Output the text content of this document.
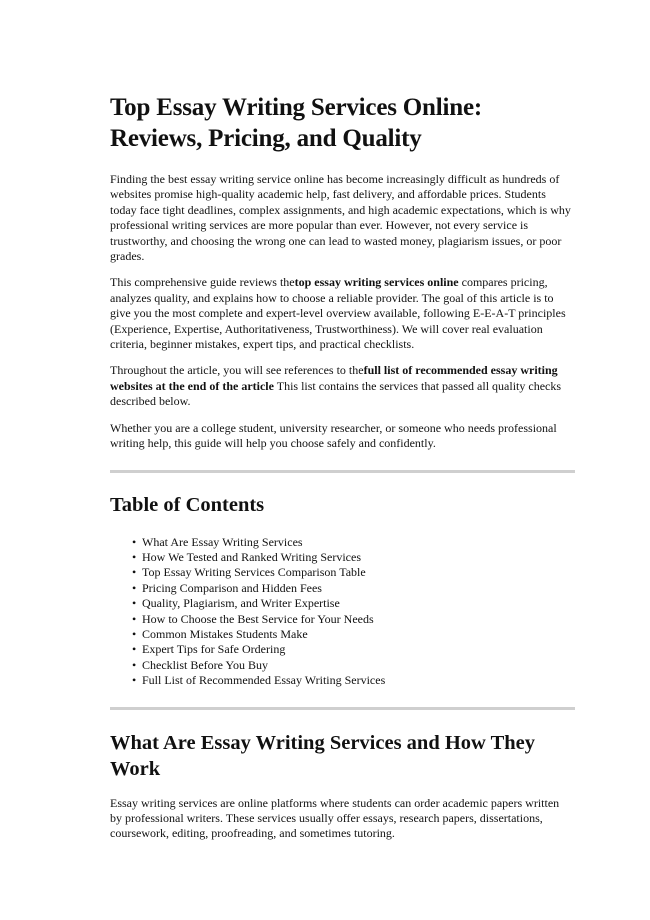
Top Essay Writing Services Online:
Reviews, Pricing, and Quality

Finding the best essay writing service online has become increasingly difficult as hundreds of websites promise high-quality academic help, fast delivery, and affordable prices. Students today face tight deadlines, complex assignments, and high academic expectations, which is why professional writing services are more popular than ever. However, not every service is trustworthy, and choosing the wrong one can lead to wasted money, plagiarism issues, or poor grades.

This comprehensive guide reviews thetop essay writing services online compares pricing, analyzes quality, and explains how to choose a reliable provider. The goal of this article is to give you the most complete and expert-level overview available, following E-E-A-T principles (Experience, Expertise, Authoritativeness, Trustworthiness). We will cover real evaluation criteria, beginner mistakes, expert tips, and practical checklists.

Throughout the article, you will see references to thefull list of recommended essay writing websites at the end of the article This list contains the services that passed all quality checks described below.

Whether you are a college student, university researcher, or someone who needs professional writing help, this guide will help you choose safely and confidently.

Table of Contents
• What Are Essay Writing Services
• How We Tested and Ranked Writing Services
• Top Essay Writing Services Comparison Table
• Pricing Comparison and Hidden Fees
• Quality, Plagiarism, and Writer Expertise
• How to Choose the Best Service for Your Needs
• Common Mistakes Students Make
• Expert Tips for Safe Ordering
• Checklist Before You Buy
• Full List of Recommended Essay Writing Services
What Are Essay Writing Services and How They Work

Essay writing services are online platforms where students can order academic papers written by professional writers. These services usually offer essays, research papers, dissertations, coursework, editing, proofreading, and sometimes tutoring.
